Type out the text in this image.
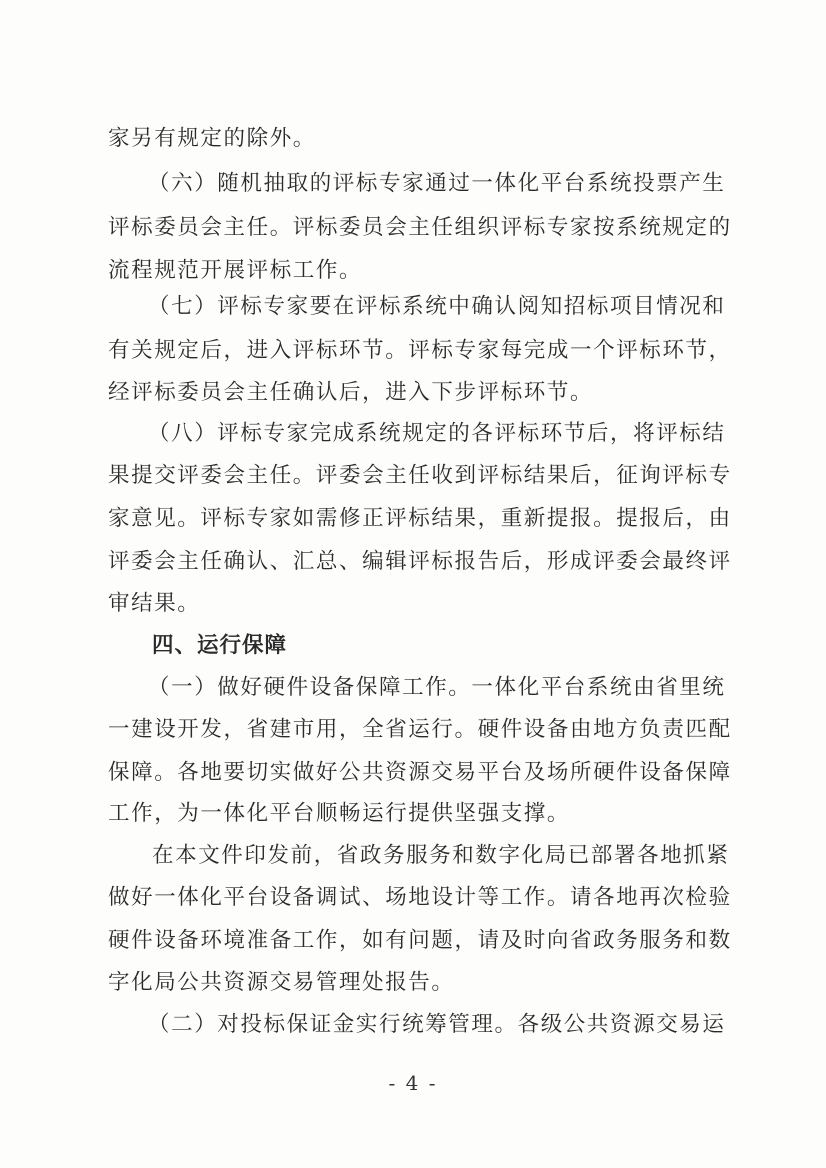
家另有规定的除外。
（六）随机抽取的评标专家通过一体化平台系统投票产生
评标委员会主任。评标委员会主任组织评标专家按系统规定的
流程规范开展评标工作。
（七）评标专家要在评标系统中确认阅知招标项目情况和
有关规定后，进入评标环节。评标专家每完成一个评标环节，
经评标委员会主任确认后，进入下步评标环节。
（八）评标专家完成系统规定的各评标环节后，将评标结
果提交评委会主任。评委会主任收到评标结果后，征询评标专
家意见。评标专家如需修正评标结果，重新提报。提报后，由
评委会主任确认、汇总、编辑评标报告后，形成评委会最终评
审结果。
四、运行保障
（一）做好硬件设备保障工作。一体化平台系统由省里统
一建设开发，省建市用，全省运行。硬件设备由地方负责匹配
保障。各地要切实做好公共资源交易平台及场所硬件设备保障
工作，为一体化平台顺畅运行提供坚强支撑。
在本文件印发前，省政务服务和数字化局已部署各地抓紧
做好一体化平台设备调试、场地设计等工作。请各地再次检验
硬件设备环境准备工作，如有问题，请及时向省政务服务和数
字化局公共资源交易管理处报告。
（二）对投标保证金实行统筹管理。各级公共资源交易运
- 4 -
